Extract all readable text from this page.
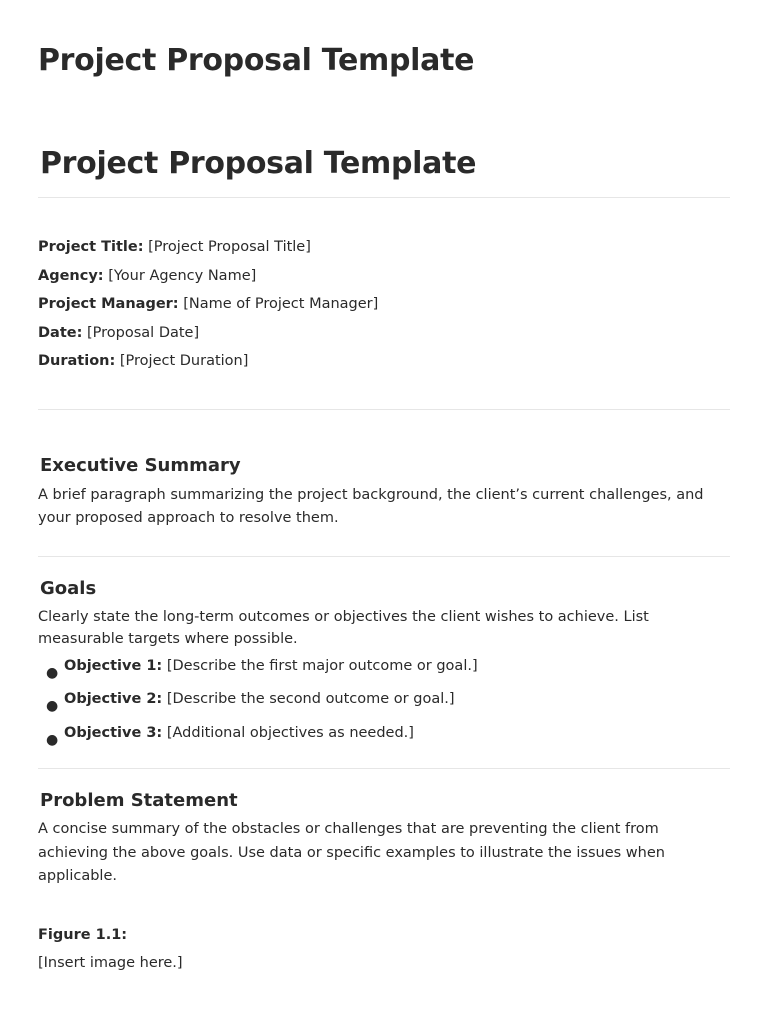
Project Proposal Template
Project Proposal Template
Project Title: [Project Proposal Title]
Agency: [Your Agency Name]
Project Manager: [Name of Project Manager]
Date: [Proposal Date]
Duration: [Project Duration]
Executive Summary

A brief paragraph summarizing the project background, the client’s current challenges, and your proposed approach to resolve them.

Goals

Clearly state the long-term outcomes or objectives the client wishes to achieve. List measurable targets where possible.

● Objective 1: [Describe the first major outcome or goal.]
● Objective 2: [Describe the second outcome or goal.]
● Objective 3: [Additional objectives as needed.]
Problem Statement

A concise summary of the obstacles or challenges that are preventing the client from achieving the above goals. Use data or specific examples to illustrate the issues when applicable.

Figure 1.1:
[Insert image here.]
